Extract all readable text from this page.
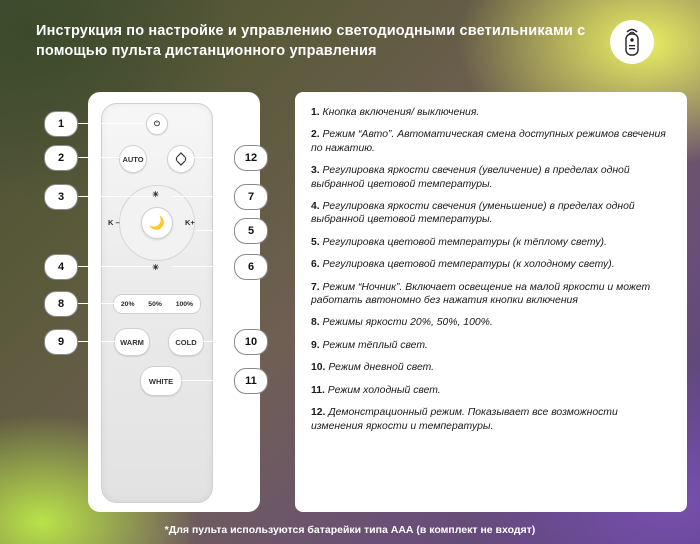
Инструкция по настройке и управлению светодиодными светильниками с помощью пульта дистанционного управления
⏻
AUTO
🌙
K –	K+
☀
☀
20% 50% 100%
WARM	COLD
WHITE
1
2
3
4
8
9
12
7
5
6
10
11

1. Кнопка включения/ выключения.

2. Режим “Авто”. Автоматическая смена доступных режимов свечения по нажатию.

3. Регулировка яркости свечения (увеличение) в пределах одной выбранной цветовой температуры.

4. Регулировка яркости свечения (уменьшение) в пределах одной выбранной цветовой температуры.

5. Регулировка цветовой температуры (к тёплому свету).

6. Регулировка цветовой температуры (к холодному свету).

7. Режим “Ночник”. Включает освещение на малой яркости и может работать автономно без нажатия кнопки включения

8. Режимы яркости 20%, 50%, 100%.

9. Режим тёплый свет.

10. Режим дневной свет.

11. Режим холодный свет.

12. Демонстрационный режим. Показывает все возможности изменения яркости и температуры.

*Для пульта используются батарейки типа ААА (в комплект не входят)
